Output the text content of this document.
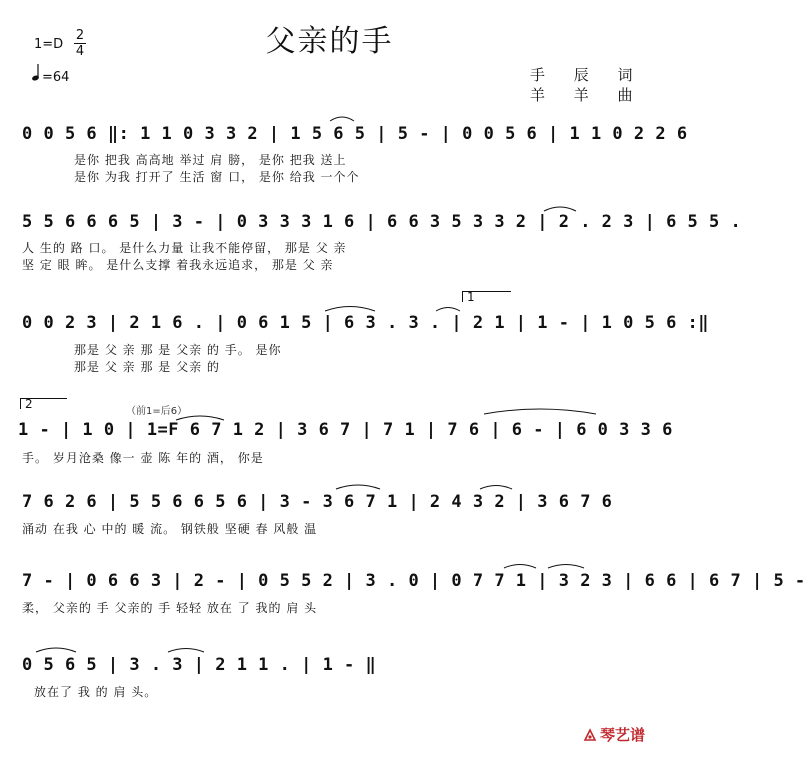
父亲的手
1=D
2
4
=64	手 辰 词
羊 羊 曲
0 0 5 6 ‖: 1 1 0 3 3 2 | 1 5 6 5 | 5 - | 0 0 5 6 | 1 1 0 2 2 6
是你 把我 高高地 举过 肩 膀， 是你 把我 送上
是你 为我 打开了 生活 窗 口， 是你 给我 一个个
5 5 6 6 6 5 | 3 - | 0 3 3 3 1 6 | 6 6 3 5 3 3 2 | 2 . 2 3 | 6 5 5 .
人 生的 路 口。 是什么力量 让我不能停留， 那是 父 亲
坚 定 眼 眸。 是什么支撑 着我永远追求， 那是 父 亲
1
0 0 2 3 | 2 1 6 . | 0 6 1 5 | 6 3 . 3 . | 2 1 | 1 - | 1 0 5 6 :‖
那是 父 亲 那 是 父亲 的 手。 是你
那是 父 亲 那 是 父亲 的
2
（前1=后6）
1 - | 1 0 | 1=F 6 7 1 2 | 3 6 7 | 7 1 | 7 6 | 6 - | 6 0 3 3 6
手。 岁月沧桑 像一 壶 陈 年的 酒， 你是
7 6 2 6 | 5 5 6 6 5 6 | 3 - 3 6 7 1 | 2 4 3 2 | 3 6 7 6
涌动 在我 心 中的 暖 流。 钢铁般 坚硬 春 风般 温
7 - | 0 6 6 3 | 2 - | 0 5 5 2 | 3 . 0 | 0 7 7 1 | 3 2 3 | 6 6 | 6 7 | 5 -
柔， 父亲的 手 父亲的 手 轻轻 放在 了 我的 肩 头
0 5 6 5 | 3 . 3 | 2 1 1 . | 1 - ‖
放在了 我 的 肩 头。
琴艺谱
